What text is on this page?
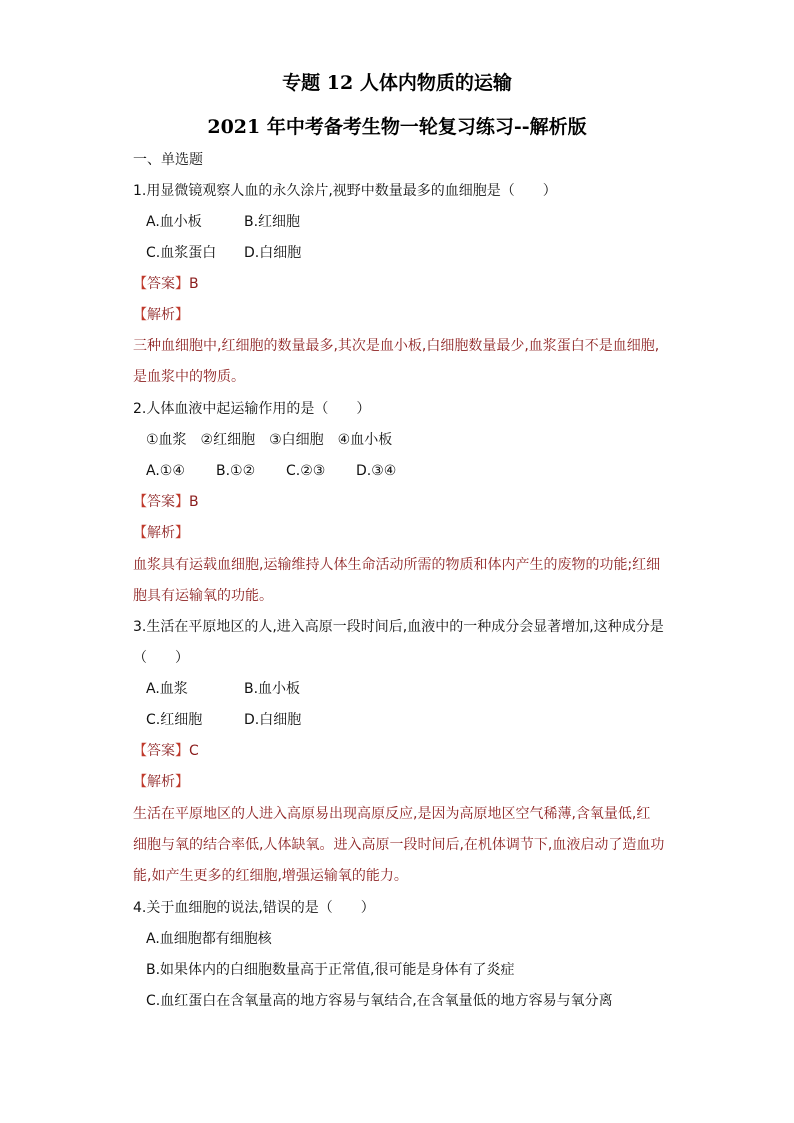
专题 12 人体内物质的运输
2021 年中考备考生物一轮复习练习--解析版
一、单选题
1.用显微镜观察人血的永久涂片,视野中数量最多的血细胞是（　　）
A.血小板	B.红细胞
C.血浆蛋白 D.白细胞
【答案】B
【解析】
三种血细胞中,红细胞的数量最多,其次是血小板,白细胞数量最少,血浆蛋白不是血细胞,
是血浆中的物质。
2.人体血液中起运输作用的是（　　）
①血浆　②红细胞　③白细胞　④血小板
A.①④ B.①② C.②③ D.③④
【答案】B
【解析】
血浆具有运载血细胞,运输维持人体生命活动所需的物质和体内产生的废物的功能;红细
胞具有运输氧的功能。
3.生活在平原地区的人,进入高原一段时间后,血液中的一种成分会显著增加,这种成分是
（　　）
A.血浆	B.血小板
C.红细胞	D.白细胞
【答案】C
【解析】
生活在平原地区的人进入高原易出现高原反应,是因为高原地区空气稀薄,含氧量低,红
细胞与氧的结合率低,人体缺氧。进入高原一段时间后,在机体调节下,血液启动了造血功
能,如产生更多的红细胞,增强运输氧的能力。
4.关于血细胞的说法,错误的是（　　）
A.血细胞都有细胞核
B.如果体内的白细胞数量高于正常值,很可能是身体有了炎症
C.血红蛋白在含氧量高的地方容易与氧结合,在含氧量低的地方容易与氧分离
